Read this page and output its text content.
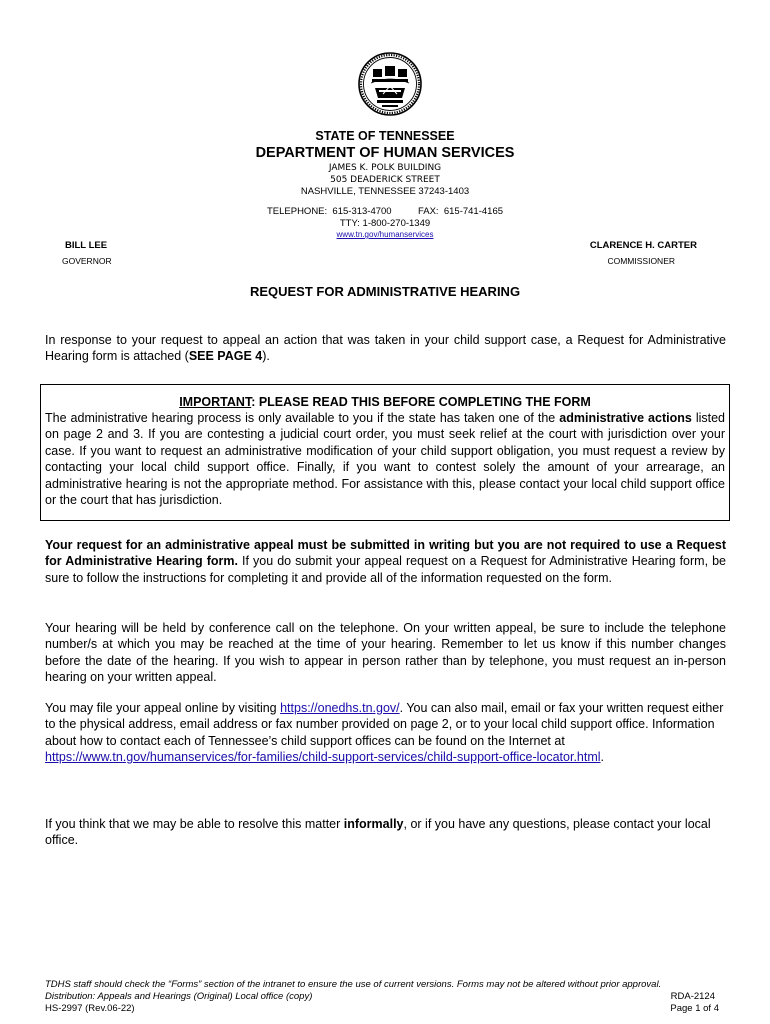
STATE OF TENNESSEE
DEPARTMENT OF HUMAN SERVICES
JAMES K. POLK BUILDING
505 DEADERICK STREET
NASHVILLE, TENNESSEE 37243-1403
TELEPHONE:  615-313-4700          FAX:  615-741-4165
TTY: 1-800-270-1349
www.tn.gov/humanservices
BILL LEE
GOVERNOR
CLARENCE H. CARTER
COMMISSIONER
REQUEST FOR ADMINISTRATIVE HEARING
In response to your request to appeal an action that was taken in your child support case, a Request for Administrative Hearing form is attached (SEE PAGE 4).
IMPORTANT: PLEASE READ THIS BEFORE COMPLETING THE FORM
The administrative hearing process is only available to you if the state has taken one of the administrative actions listed on page 2 and 3. If you are contesting a judicial court order, you must seek relief at the court with jurisdiction over your case. If you want to request an administrative modification of your child support obligation, you must request a review by contacting your local child support office. Finally, if you want to contest solely the amount of your arrearage, an administrative hearing is not the appropriate method. For assistance with this, please contact your local child support office or the court that has jurisdiction.
Your request for an administrative appeal must be submitted in writing but you are not required to use a Request for Administrative Hearing form. If you do submit your appeal request on a Request for Administrative Hearing form, be sure to follow the instructions for completing it and provide all of the information requested on the form.
Your hearing will be held by conference call on the telephone. On your written appeal, be sure to include the telephone number/s at which you may be reached at the time of your hearing. Remember to let us know if this number changes before the date of the hearing. If you wish to appear in person rather than by telephone, you must request an in-person hearing on your written appeal.
You may file your appeal online by visiting https://onedhs.tn.gov/. You can also mail, email or fax your written request either to the physical address, email address or fax number provided on page 2, or to your local child support office. Information about how to contact each of Tennessee’s child support offices can be found on the Internet at https://www.tn.gov/humanservices/for-families/child-support-services/child-support-office-locator.html.
If you think that we may be able to resolve this matter informally, or if you have any questions, please contact your local office.
TDHS staff should check the “Forms” section of the intranet to ensure the use of current versions. Forms may not be altered without prior approval.
Distribution: Appeals and Hearings (Original) Local office (copy)
HS-2997 (Rev.06-22)
RDA-2124
Page 1 of 4
